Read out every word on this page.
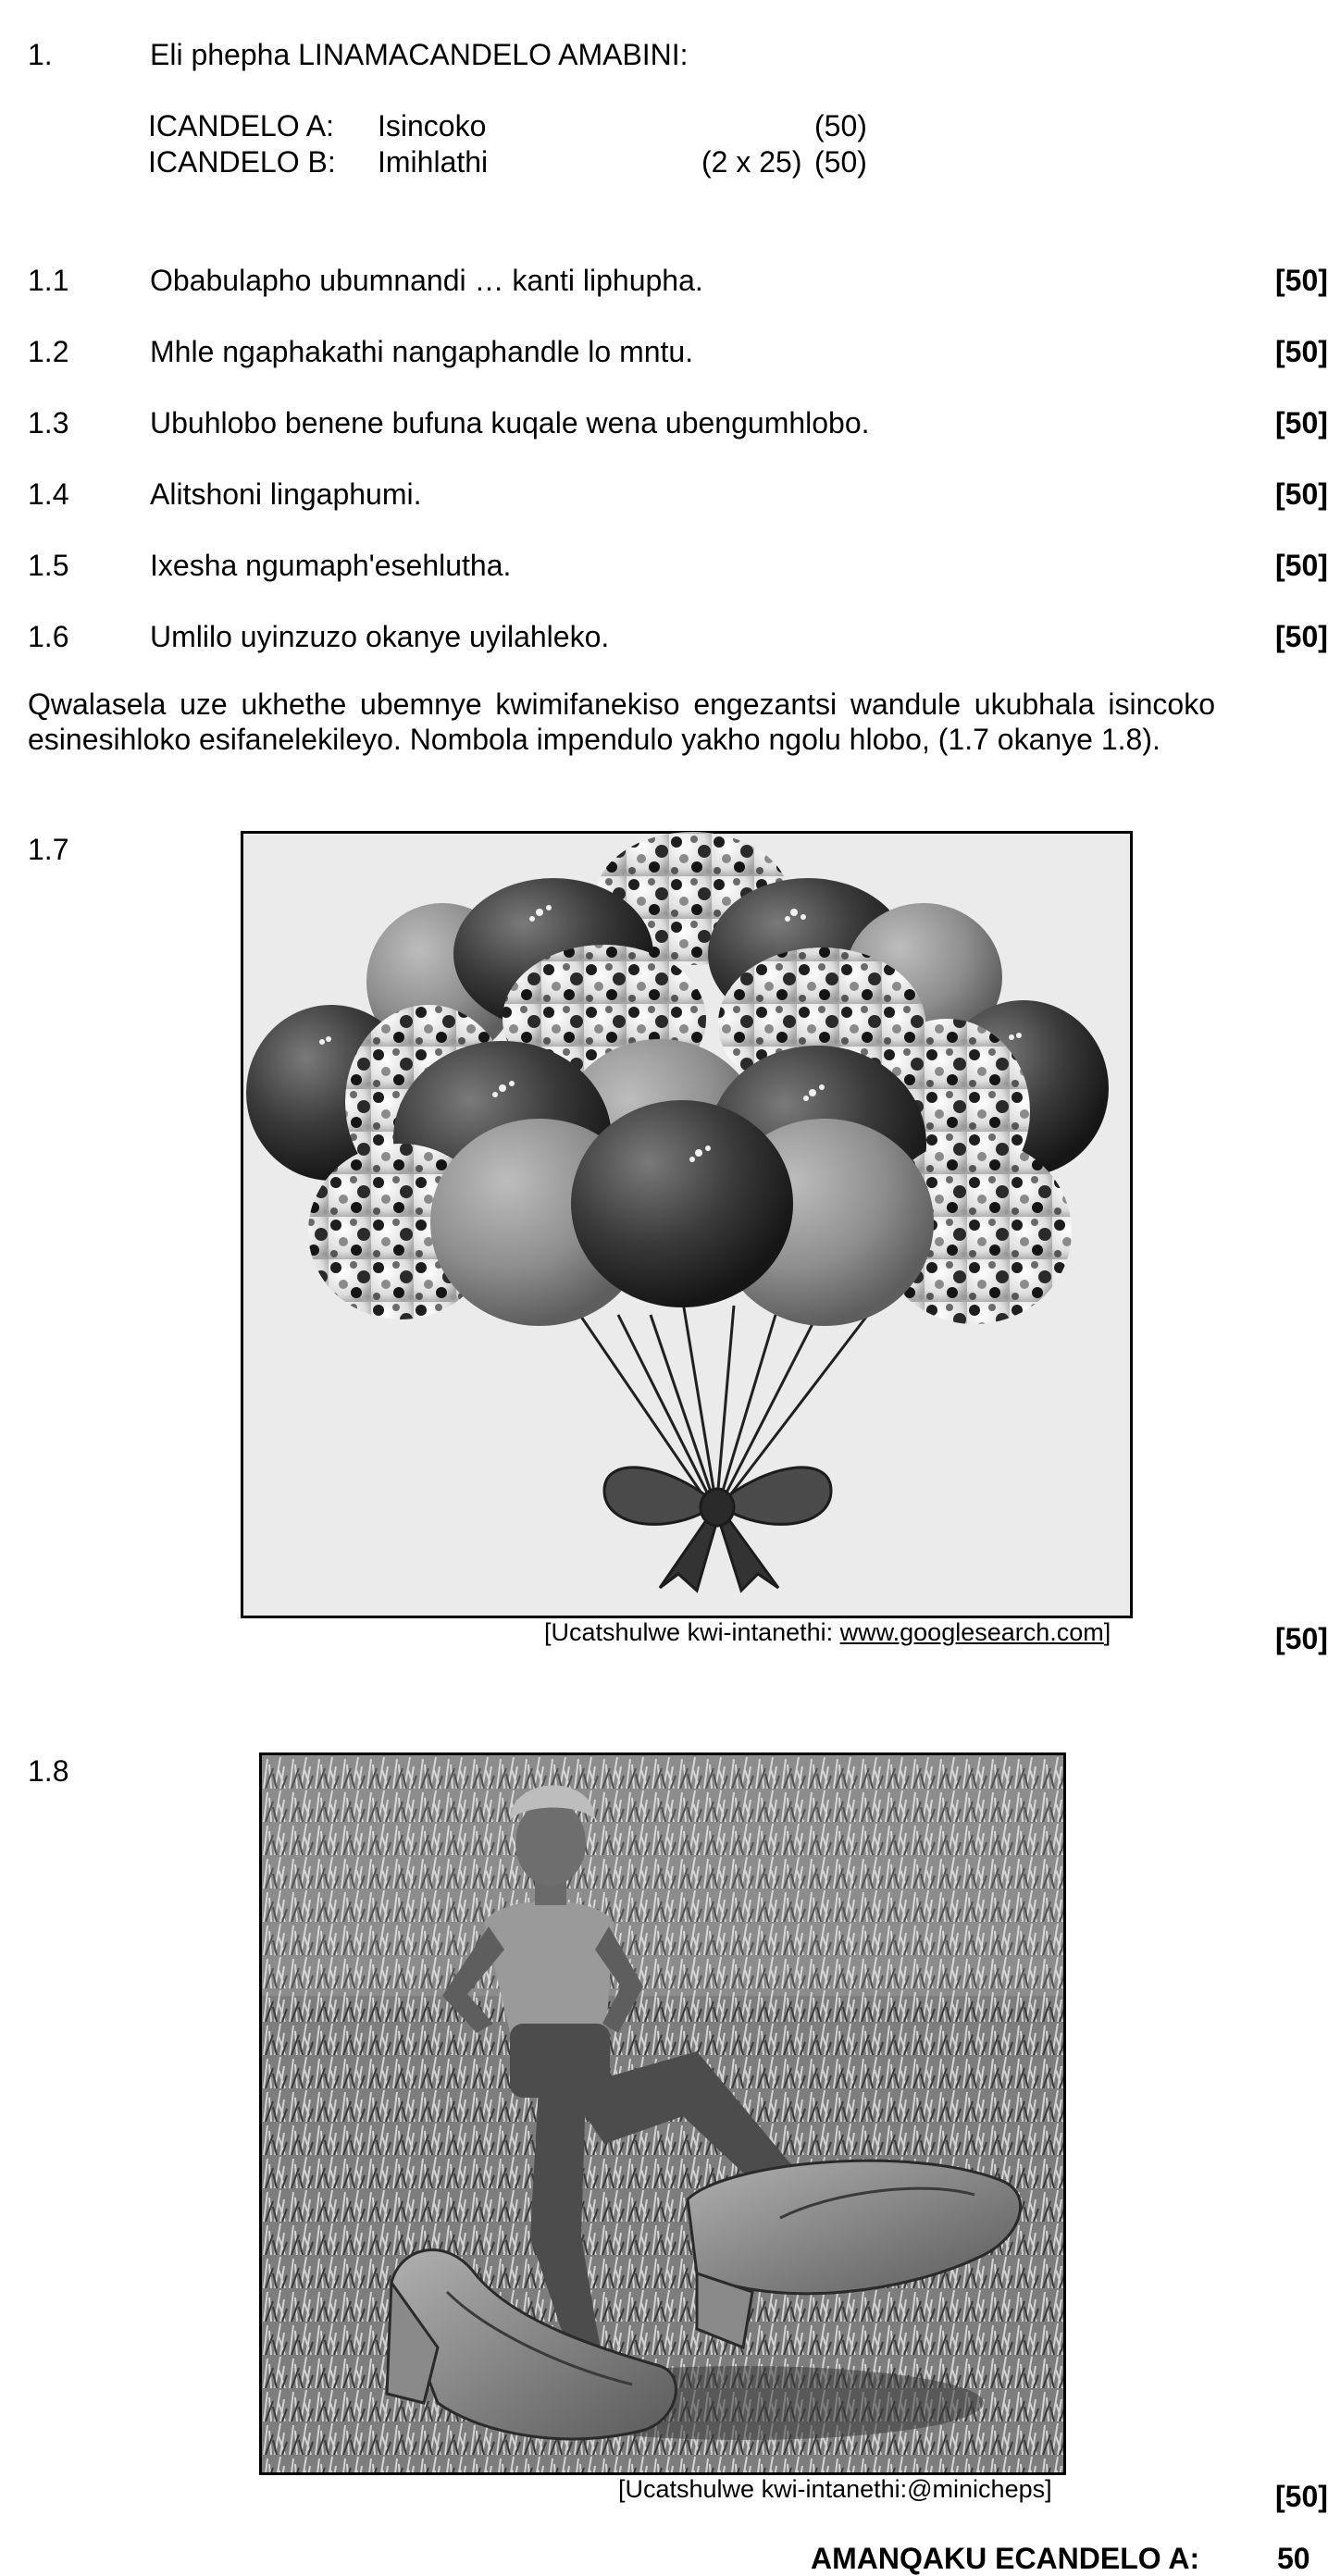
1.	Eli phepha LINAMACANDELO AMABINI:
ICANDELO A: Isincoko	(50)
ICANDELO B: Imihlathi	(2 x 25) (50)
1.1	Obabulapho ubumnandi … kanti liphupha.	[50]
1.2	Mhle ngaphakathi nangaphandle lo mntu.	[50]
1.3	Ubuhlobo benene bufuna kuqale wena ubengumhlobo.	[50]
1.4	Alitshoni lingaphumi.	[50]
1.5	Ixesha ngumaph'esehlutha.	[50]
1.6	Umlilo uyinzuzo okanye uyilahleko.	[50]
Qwalasela uze ukhethe ubemnye kwimifanekiso engezantsi wandule ukubhala isincoko esinesihloko esifanelekileyo. Nombola impendulo yakho ngolu hlobo, (1.7 okanye 1.8).
1.7
[Ucatshulwe kwi-intanethi: www.googlesearch.com]	[50]
1.8
[Ucatshulwe kwi-intanethi:@minicheps]	[50]
AMANQAKU ECANDELO A:	50
